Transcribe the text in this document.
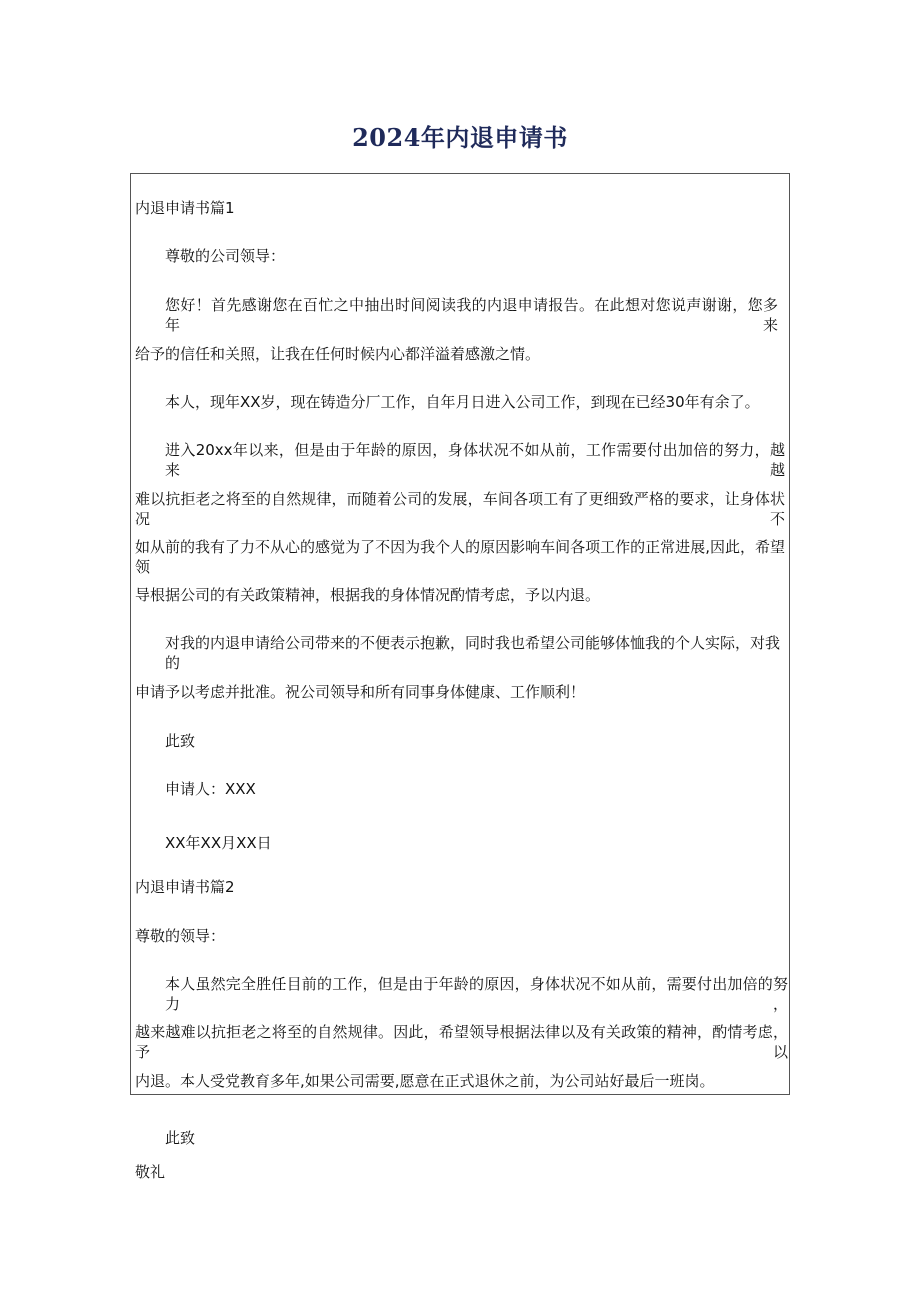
2024年内退申请书
内退申请书篇1
尊敬的公司领导：
您好！首先感谢您在百忙之中抽出时间阅读我的内退申请报告。在此想对您说声谢谢，您多年来
给予的信任和关照，让我在任何时候内心都洋溢着感激之情。
本人，现年XX岁，现在铸造分厂工作，自年月日进入公司工作，到现在已经30年有余了。
进入20xx年以来，但是由于年龄的原因，身体状况不如从前，工作需要付出加倍的努力，越来越
难以抗拒老之将至的自然规律，而随着公司的发展，车间各项工有了更细致严格的要求，让身体状况不
如从前的我有了力不从心的感觉为了不因为我个人的原因影响车间各项工作的正常进展,因此，希望领
导根据公司的有关政策精神，根据我的身体情况酌情考虑，予以内退。
对我的内退申请给公司带来的不便表示抱歉，同时我也希望公司能够体恤我的个人实际，对我的
申请予以考虑并批准。祝公司领导和所有同事身体健康、工作顺利！
此致
申请人：XXX
XX年XX月XX日
内退申请书篇2
尊敬的领导：
本人虽然完全胜任目前的工作，但是由于年龄的原因，身体状况不如从前，需要付出加倍的努力，
越来越难以抗拒老之将至的自然规律。因此，希望领导根据法律以及有关政策的精神，酌情考虑，予以
内退。本人受党教育多年,如果公司需要,愿意在正式退休之前，为公司站好最后一班岗。
此致
敬礼
